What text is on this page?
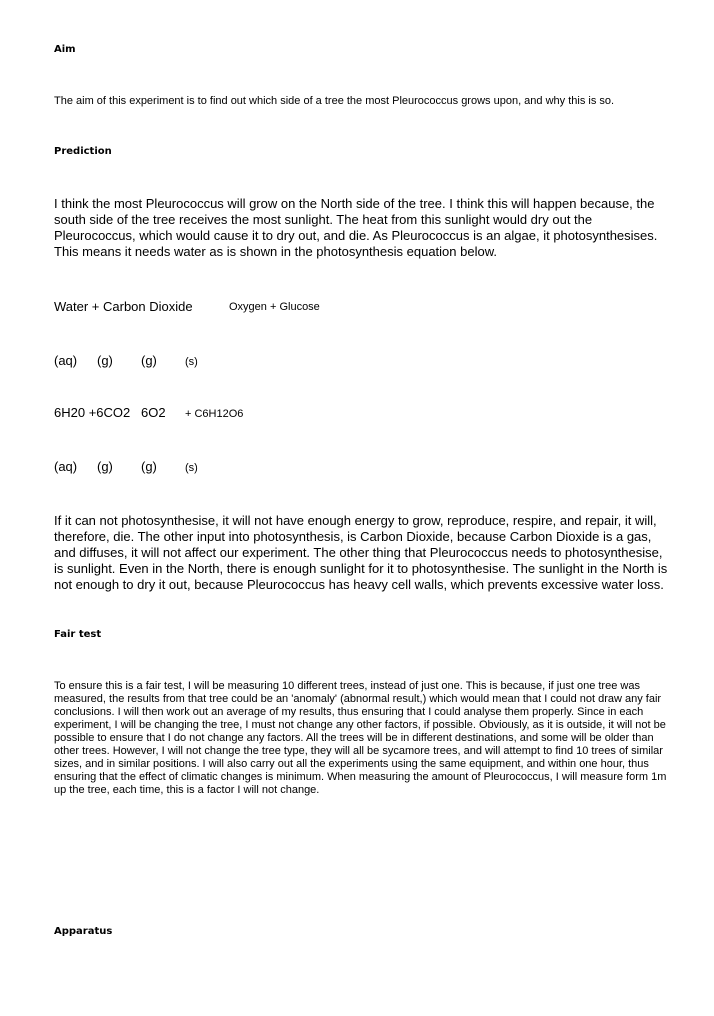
Aim
The aim of this experiment is to find out which side of a tree the most Pleurococcus grows upon, and why this is so.
Prediction
I think the most Pleurococcus will grow on the North side of the tree. I think this will happen because, the south side of the tree receives the most sunlight. The heat from this sunlight would dry out the Pleurococcus, which would cause it to dry out, and die. As Pleurococcus is an algae, it photosynthesises. This means it needs water as is shown in the photosynthesis equation below.
Water + Carbon Dioxide	Oxygen + Glucose
(aq) (g) (g)	(s)
6H20 +6CO2 6O2 + C6H12O6
(aq) (g) (g)	(s)
If it can not photosynthesise, it will not have enough energy to grow, reproduce, respire, and repair, it will, therefore, die. The other input into photosynthesis, is Carbon Dioxide, because Carbon Dioxide is a gas, and diffuses, it will not affect our experiment. The other thing that Pleurococcus needs to photosynthesise, is sunlight. Even in the North, there is enough sunlight for it to photosynthesise. The sunlight in the North is not enough to dry it out, because Pleurococcus has heavy cell walls, which prevents excessive water loss.
Fair test
To ensure this is a fair test, I will be measuring 10 different trees, instead of just one. This is because, if just one tree was measured, the results from that tree could be an 'anomaly' (abnormal result,) which would mean that I could not draw any fair conclusions. I will then work out an average of my results, thus ensuring that I could analyse them properly. Since in each experiment, I will be changing the tree, I must not change any other factors, if possible. Obviously, as it is outside, it will not be possible to ensure that I do not change any factors. All the trees will be in different destinations, and some will be older than other trees. However, I will not change the tree type, they will all be sycamore trees, and will attempt to find 10 trees of similar sizes, and in similar positions. I will also carry out all the experiments using the same equipment, and within one hour, thus ensuring that the effect of climatic changes is minimum. When measuring the amount of Pleurococcus, I will measure form 1m up the tree, each time, this is a factor I will not change.
Apparatus
